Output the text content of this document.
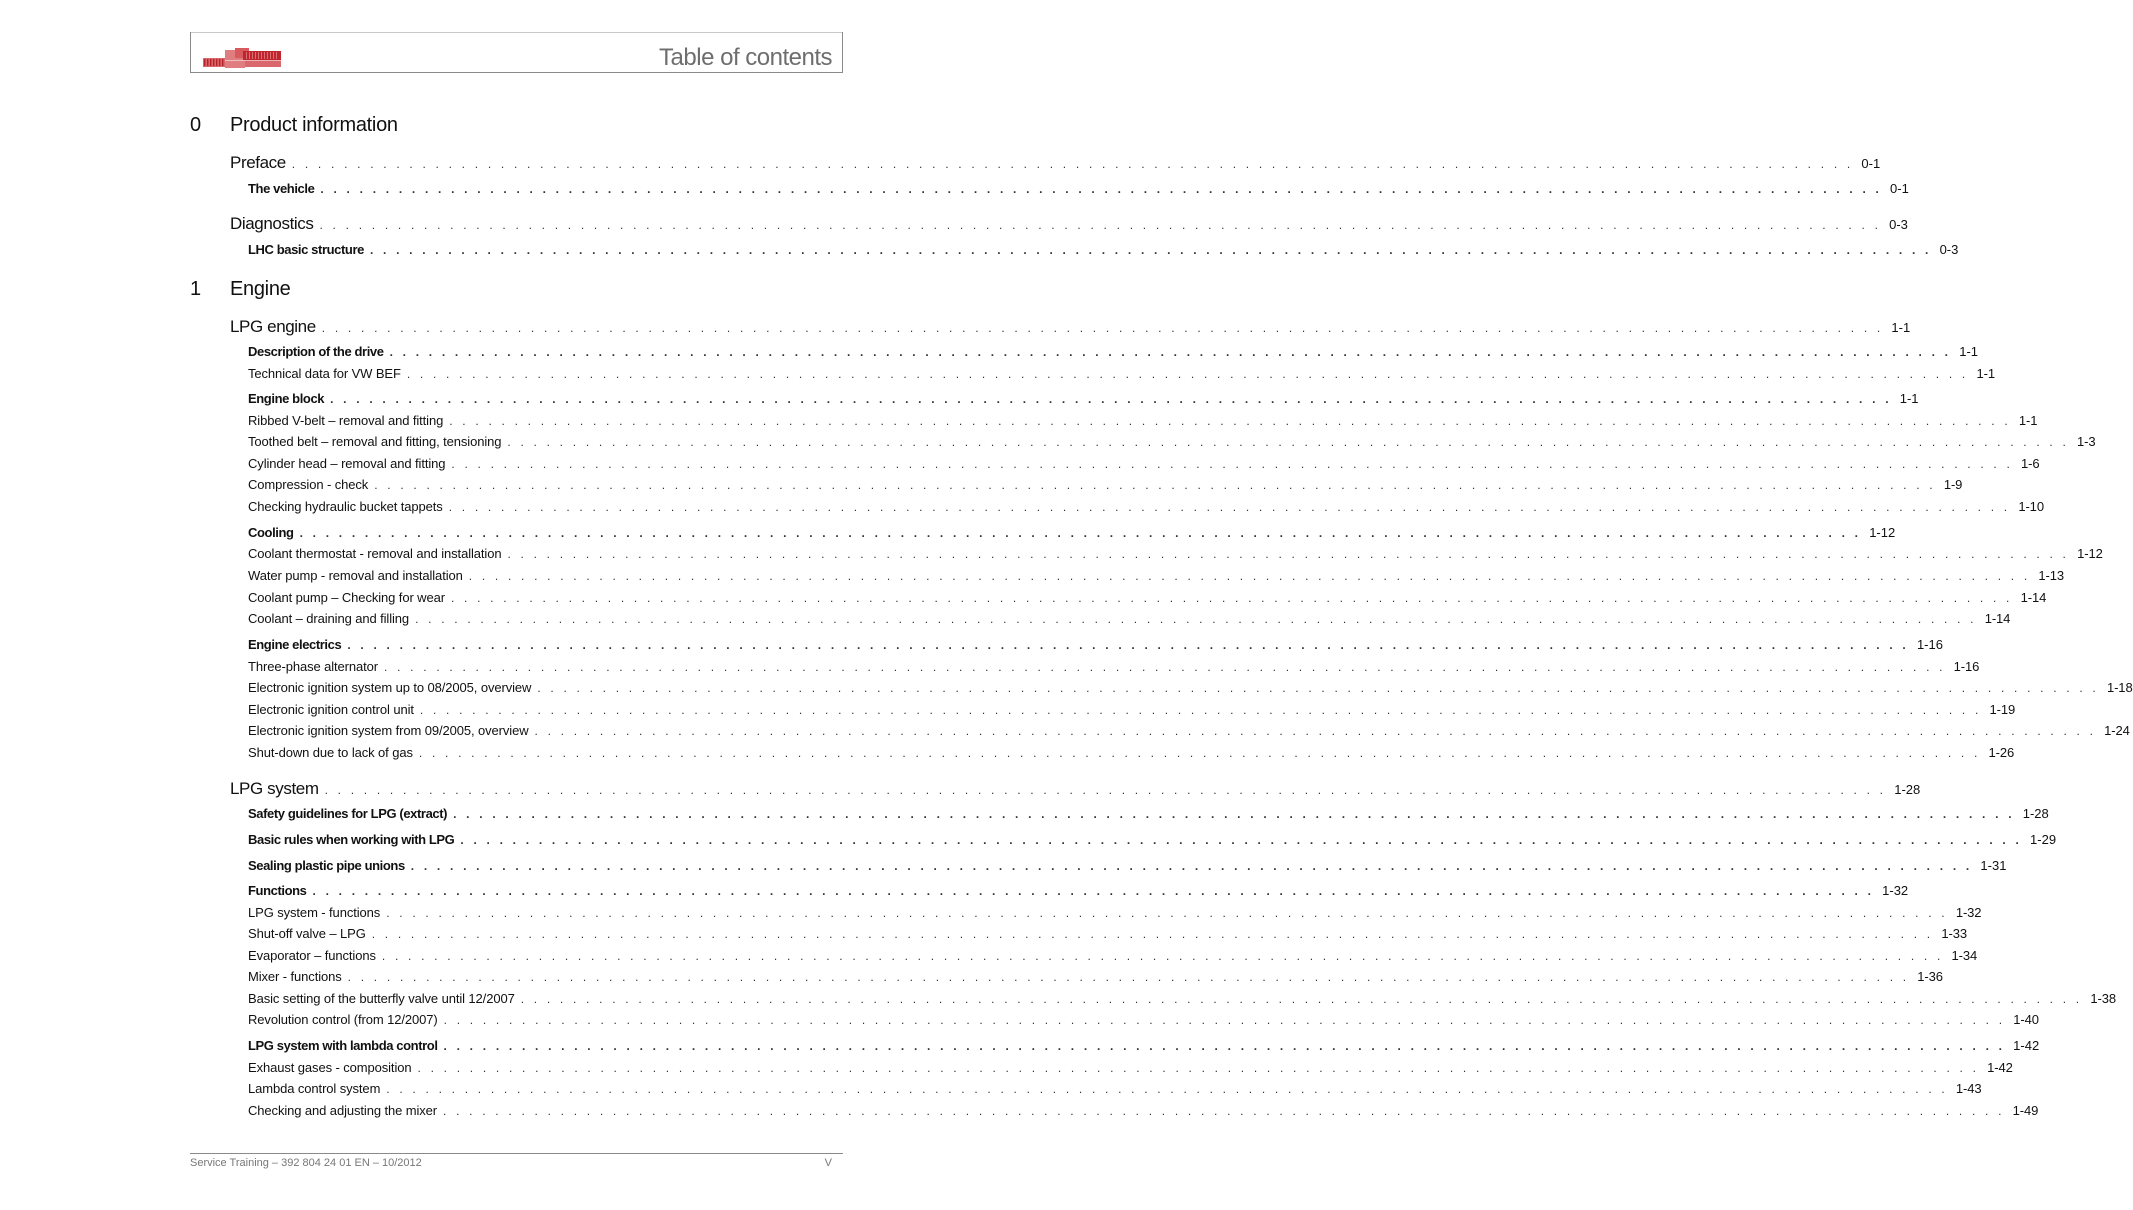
Table of contents
0 Product information
Preface . . . . . . . . . . . . . . . . . . . . . . . . . . . . . . . . . . . . . . . . . . . . . . . . . . . . . . . . . . . . . . . . . . . . . . . . . . . . . . . . . . . . . . . . . . . . . . . . . . . . . . . . . . . . . . . . . . . . . . . . 0-1
The vehicle . . . . . . . . . . . . . . . . . . . . . . . . . . . . . . . . . . . . . . . . . . . . . . . . . . . . . . . . . . . . . . . . . . . . . . . . . . . . . . . . . . . . . . . . . . . . . . . . . . . . . . . . . . . . . . . . . . . . . . . . 0-1
Diagnostics . . . . . . . . . . . . . . . . . . . . . . . . . . . . . . . . . . . . . . . . . . . . . . . . . . . . . . . . . . . . . . . . . . . . . . . . . . . . . . . . . . . . . . . . . . . . . . . . . . . . . . . . . . . . . . . . . . . . . . . . 0-3
LHC basic structure . . . . . . . . . . . . . . . . . . . . . . . . . . . . . . . . . . . . . . . . . . . . . . . . . . . . . . . . . . . . . . . . . . . . . . . . . . . . . . . . . . . . . . . . . . . . . . . . . . . . . . . . . . . . . . . . . . . . . . . . 0-3
1 Engine
LPG engine . . . . . . . . . . . . . . . . . . . . . . . . . . . . . . . . . . . . . . . . . . . . . . . . . . . . . . . . . . . . . . . . . . . . . . . . . . . . . . . . . . . . . . . . . . . . . . . . . . . . . . . . . . . . . . . . . . . . . . . . 1-1
Description of the drive . . . . . . . . . . . . . . . . . . . . . . . . . . . . . . . . . . . . . . . . . . . . . . . . . . . . . . . . . . . . . . . . . . . . . . . . . . . . . . . . . . . . . . . . . . . . . . . . . . . . . . . . . . . . . . . . . . . . . . . . 1-1
Technical data for VW BEF . . . . . . . . . . . . . . . . . . . . . . . . . . . . . . . . . . . . . . . . . . . . . . . . . . . . . . . . . . . . . . . . . . . . . . . . . . . . . . . . . . . . . . . . . . . . . . . . . . . . . . . . . . . . . . . . . . . . . . . . 1-1
Engine block . . . . . . . . . . . . . . . . . . . . . . . . . . . . . . . . . . . . . . . . . . . . . . . . . . . . . . . . . . . . . . . . . . . . . . . . . . . . . . . . . . . . . . . . . . . . . . . . . . . . . . . . . . . . . . . . . . . . . . . . 1-1
Ribbed V-belt – removal and fitting . . . . . . . . . . . . . . . . . . . . . . . . . . . . . . . . . . . . . . . . . . . . . . . . . . . . . . . . . . . . . . . . . . . . . . . . . . . . . . . . . . . . . . . . . . . . . . . . . . . . . . . . . . . . . . . . . . . . . . . . 1-1
Toothed belt – removal and fitting, tensioning . . . . . . . . . . . . . . . . . . . . . . . . . . . . . . . . . . . . . . . . . . . . . . . . . . . . . . . . . . . . . . . . . . . . . . . . . . . . . . . . . . . . . . . . . . . . . . . . . . . . . . . . . . . . . . . . . . . . . . . . 1-3
Cylinder head – removal and fitting . . . . . . . . . . . . . . . . . . . . . . . . . . . . . . . . . . . . . . . . . . . . . . . . . . . . . . . . . . . . . . . . . . . . . . . . . . . . . . . . . . . . . . . . . . . . . . . . . . . . . . . . . . . . . . . . . . . . . . . . 1-6
Compression - check . . . . . . . . . . . . . . . . . . . . . . . . . . . . . . . . . . . . . . . . . . . . . . . . . . . . . . . . . . . . . . . . . . . . . . . . . . . . . . . . . . . . . . . . . . . . . . . . . . . . . . . . . . . . . . . . . . . . . . . . 1-9
Checking hydraulic bucket tappets . . . . . . . . . . . . . . . . . . . . . . . . . . . . . . . . . . . . . . . . . . . . . . . . . . . . . . . . . . . . . . . . . . . . . . . . . . . . . . . . . . . . . . . . . . . . . . . . . . . . . . . . . . . . . . . . . . . . . . . . 1-10
Cooling . . . . . . . . . . . . . . . . . . . . . . . . . . . . . . . . . . . . . . . . . . . . . . . . . . . . . . . . . . . . . . . . . . . . . . . . . . . . . . . . . . . . . . . . . . . . . . . . . . . . . . . . . . . . . . . . . . . . . . . . 1-12
Coolant thermostat - removal and installation . . . . . . . . . . . . . . . . . . . . . . . . . . . . . . . . . . . . . . . . . . . . . . . . . . . . . . . . . . . . . . . . . . . . . . . . . . . . . . . . . . . . . . . . . . . . . . . . . . . . . . . . . . . . . . . . . . . . . . . . 1-12
Water pump - removal and installation . . . . . . . . . . . . . . . . . . . . . . . . . . . . . . . . . . . . . . . . . . . . . . . . . . . . . . . . . . . . . . . . . . . . . . . . . . . . . . . . . . . . . . . . . . . . . . . . . . . . . . . . . . . . . . . . . . . . . . . . 1-13
Coolant pump – Checking for wear . . . . . . . . . . . . . . . . . . . . . . . . . . . . . . . . . . . . . . . . . . . . . . . . . . . . . . . . . . . . . . . . . . . . . . . . . . . . . . . . . . . . . . . . . . . . . . . . . . . . . . . . . . . . . . . . . . . . . . . . 1-14
Coolant – draining and filling . . . . . . . . . . . . . . . . . . . . . . . . . . . . . . . . . . . . . . . . . . . . . . . . . . . . . . . . . . . . . . . . . . . . . . . . . . . . . . . . . . . . . . . . . . . . . . . . . . . . . . . . . . . . . . . . . . . . . . . . 1-14
Engine electrics . . . . . . . . . . . . . . . . . . . . . . . . . . . . . . . . . . . . . . . . . . . . . . . . . . . . . . . . . . . . . . . . . . . . . . . . . . . . . . . . . . . . . . . . . . . . . . . . . . . . . . . . . . . . . . . . . . . . . . . . 1-16
Three-phase alternator . . . . . . . . . . . . . . . . . . . . . . . . . . . . . . . . . . . . . . . . . . . . . . . . . . . . . . . . . . . . . . . . . . . . . . . . . . . . . . . . . . . . . . . . . . . . . . . . . . . . . . . . . . . . . . . . . . . . . . . . 1-16
Electronic ignition system up to 08/2005, overview . . . . . . . . . . . . . . . . . . . . . . . . . . . . . . . . . . . . . . . . . . . . . . . . . . . . . . . . . . . . . . . . . . . . . . . . . . . . . . . . . . . . . . . . . . . . . . . . . . . . . . . . . . . . . . . . . . . . . . . . 1-18
Electronic ignition control unit . . . . . . . . . . . . . . . . . . . . . . . . . . . . . . . . . . . . . . . . . . . . . . . . . . . . . . . . . . . . . . . . . . . . . . . . . . . . . . . . . . . . . . . . . . . . . . . . . . . . . . . . . . . . . . . . . . . . . . . . 1-19
Electronic ignition system from 09/2005, overview . . . . . . . . . . . . . . . . . . . . . . . . . . . . . . . . . . . . . . . . . . . . . . . . . . . . . . . . . . . . . . . . . . . . . . . . . . . . . . . . . . . . . . . . . . . . . . . . . . . . . . . . . . . . . . . . . . . . . . . . 1-24
Shut-down due to lack of gas . . . . . . . . . . . . . . . . . . . . . . . . . . . . . . . . . . . . . . . . . . . . . . . . . . . . . . . . . . . . . . . . . . . . . . . . . . . . . . . . . . . . . . . . . . . . . . . . . . . . . . . . . . . . . . . . . . . . . . . . 1-26
LPG system . . . . . . . . . . . . . . . . . . . . . . . . . . . . . . . . . . . . . . . . . . . . . . . . . . . . . . . . . . . . . . . . . . . . . . . . . . . . . . . . . . . . . . . . . . . . . . . . . . . . . . . . . . . . . . . . . . . . . . . . 1-28
Safety guidelines for LPG (extract) . . . . . . . . . . . . . . . . . . . . . . . . . . . . . . . . . . . . . . . . . . . . . . . . . . . . . . . . . . . . . . . . . . . . . . . . . . . . . . . . . . . . . . . . . . . . . . . . . . . . . . . . . . . . . . . . . . . . . . . . 1-28
Basic rules when working with LPG . . . . . . . . . . . . . . . . . . . . . . . . . . . . . . . . . . . . . . . . . . . . . . . . . . . . . . . . . . . . . . . . . . . . . . . . . . . . . . . . . . . . . . . . . . . . . . . . . . . . . . . . . . . . . . . . . . . . . . . . 1-29
Sealing plastic pipe unions . . . . . . . . . . . . . . . . . . . . . . . . . . . . . . . . . . . . . . . . . . . . . . . . . . . . . . . . . . . . . . . . . . . . . . . . . . . . . . . . . . . . . . . . . . . . . . . . . . . . . . . . . . . . . . . . . . . . . . . . 1-31
Functions . . . . . . . . . . . . . . . . . . . . . . . . . . . . . . . . . . . . . . . . . . . . . . . . . . . . . . . . . . . . . . . . . . . . . . . . . . . . . . . . . . . . . . . . . . . . . . . . . . . . . . . . . . . . . . . . . . . . . . . . 1-32
LPG system - functions . . . . . . . . . . . . . . . . . . . . . . . . . . . . . . . . . . . . . . . . . . . . . . . . . . . . . . . . . . . . . . . . . . . . . . . . . . . . . . . . . . . . . . . . . . . . . . . . . . . . . . . . . . . . . . . . . . . . . . . . 1-32
Shut-off valve – LPG . . . . . . . . . . . . . . . . . . . . . . . . . . . . . . . . . . . . . . . . . . . . . . . . . . . . . . . . . . . . . . . . . . . . . . . . . . . . . . . . . . . . . . . . . . . . . . . . . . . . . . . . . . . . . . . . . . . . . . . . 1-33
Evaporator – functions . . . . . . . . . . . . . . . . . . . . . . . . . . . . . . . . . . . . . . . . . . . . . . . . . . . . . . . . . . . . . . . . . . . . . . . . . . . . . . . . . . . . . . . . . . . . . . . . . . . . . . . . . . . . . . . . . . . . . . . . 1-34
Mixer - functions . . . . . . . . . . . . . . . . . . . . . . . . . . . . . . . . . . . . . . . . . . . . . . . . . . . . . . . . . . . . . . . . . . . . . . . . . . . . . . . . . . . . . . . . . . . . . . . . . . . . . . . . . . . . . . . . . . . . . . . . 1-36
Basic setting of the butterfly valve until 12/2007 . . . . . . . . . . . . . . . . . . . . . . . . . . . . . . . . . . . . . . . . . . . . . . . . . . . . . . . . . . . . . . . . . . . . . . . . . . . . . . . . . . . . . . . . . . . . . . . . . . . . . . . . . . . . . . . . . . . . . . . . 1-38
Revolution control (from 12/2007) . . . . . . . . . . . . . . . . . . . . . . . . . . . . . . . . . . . . . . . . . . . . . . . . . . . . . . . . . . . . . . . . . . . . . . . . . . . . . . . . . . . . . . . . . . . . . . . . . . . . . . . . . . . . . . . . . . . . . . . . 1-40
LPG system with lambda control . . . . . . . . . . . . . . . . . . . . . . . . . . . . . . . . . . . . . . . . . . . . . . . . . . . . . . . . . . . . . . . . . . . . . . . . . . . . . . . . . . . . . . . . . . . . . . . . . . . . . . . . . . . . . . . . . . . . . . . . 1-42
Exhaust gases - composition . . . . . . . . . . . . . . . . . . . . . . . . . . . . . . . . . . . . . . . . . . . . . . . . . . . . . . . . . . . . . . . . . . . . . . . . . . . . . . . . . . . . . . . . . . . . . . . . . . . . . . . . . . . . . . . . . . . . . . . . 1-42
Lambda control system . . . . . . . . . . . . . . . . . . . . . . . . . . . . . . . . . . . . . . . . . . . . . . . . . . . . . . . . . . . . . . . . . . . . . . . . . . . . . . . . . . . . . . . . . . . . . . . . . . . . . . . . . . . . . . . . . . . . . . . . 1-43
Checking and adjusting the mixer . . . . . . . . . . . . . . . . . . . . . . . . . . . . . . . . . . . . . . . . . . . . . . . . . . . . . . . . . . . . . . . . . . . . . . . . . . . . . . . . . . . . . . . . . . . . . . . . . . . . . . . . . . . . . . . . . . . . . . . . 1-49
Service Training – 392 804 24 01 EN – 10/2012	V
